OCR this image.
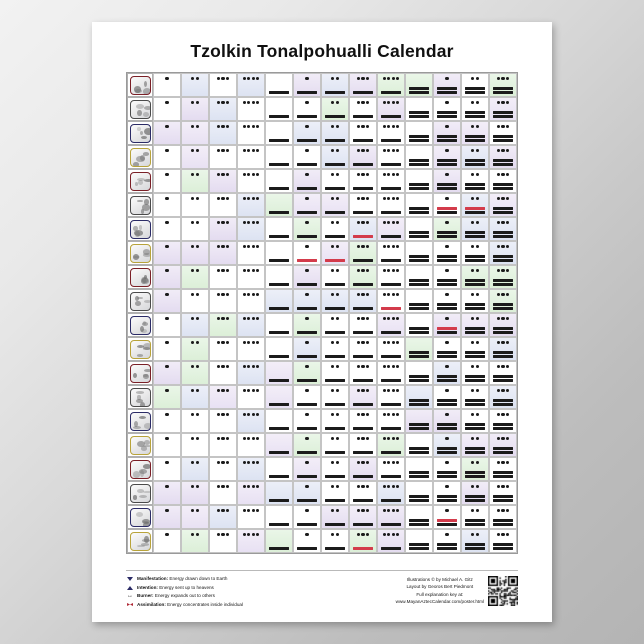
Tzolkin Tonalpohualli Calendar
Manifestation: Energy drawn down to Earth
Intention: Energy sent up to heavens
↔ Burner: Energy expands out to others
▸◂ Assimilation: Energy concentrates inside individual
Illustrations © by Michael A. Gitz
Layout by Georos Bert Piedmont
Full explanation key at:
www.MayanAztecCalendar.com/poster.html
